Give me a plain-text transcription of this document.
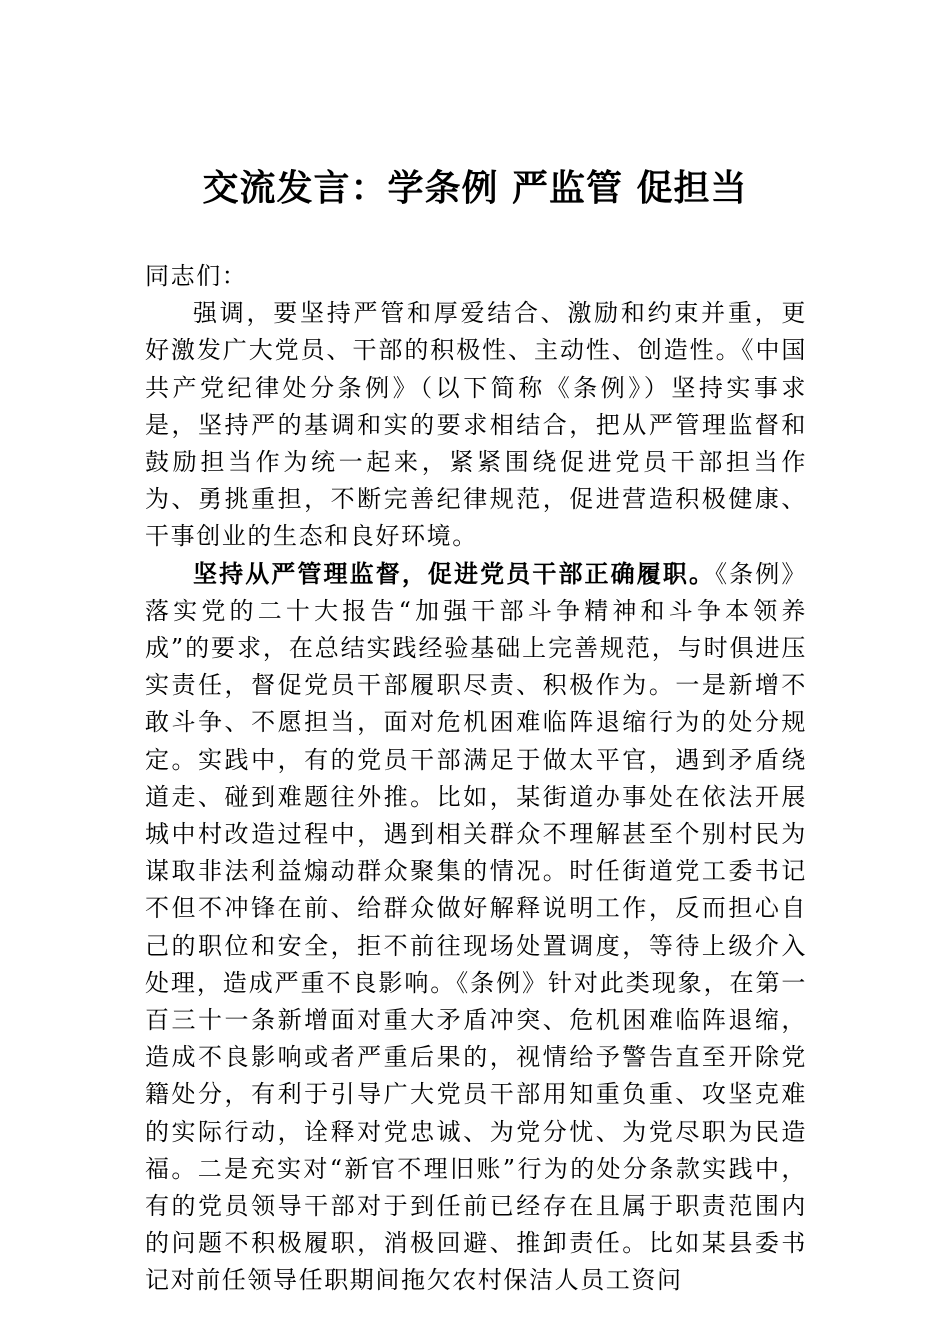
交流发言：学条例 严监管 促担当

同志们：

强调，要坚持严管和厚爱结合、激励和约束并重，更好激发广大党员、干部的积极性、主动性、创造性。《中国共产党纪律处分条例》（以下简称《条例》）坚持实事求是，坚持严的基调和实的要求相结合，把从严管理监督和鼓励担当作为统一起来，紧紧围绕促进党员干部担当作为、勇挑重担，不断完善纪律规范，促进营造积极健康、干事创业的生态和良好环境。

坚持从严管理监督，促进党员干部正确履职。《条例》落实党的二十大报告“加强干部斗争精神和斗争本领养成”的要求，在总结实践经验基础上完善规范，与时俱进压实责任，督促党员干部履职尽责、积极作为。一是新增不敢斗争、不愿担当，面对危机困难临阵退缩行为的处分规定。实践中，有的党员干部满足于做太平官，遇到矛盾绕道走、碰到难题往外推。比如，某街道办事处在依法开展城中村改造过程中，遇到相关群众不理解甚至个别村民为谋取非法利益煽动群众聚集的情况。时任街道党工委书记不但不冲锋在前、给群众做好解释说明工作，反而担心自己的职位和安全，拒不前往现场处置调度，等待上级介入处理，造成严重不良影响。《条例》针对此类现象，在第一百三十一条新增面对重大矛盾冲突、危机困难临阵退缩，造成不良影响或者严重后果的，视情给予警告直至开除党籍处分，有利于引导广大党员干部用知重负重、攻坚克难的实际行动，诠释对党忠诚、为党分忧、为党尽职为民造福。二是充实对“新官不理旧账”行为的处分条款实践中，有的党员领导干部对于到任前已经存在且属于职责范围内的问题不积极履职，消极回避、推卸责任。比如某县委书记对前任领导任职期间拖欠农村保洁人员工资问
